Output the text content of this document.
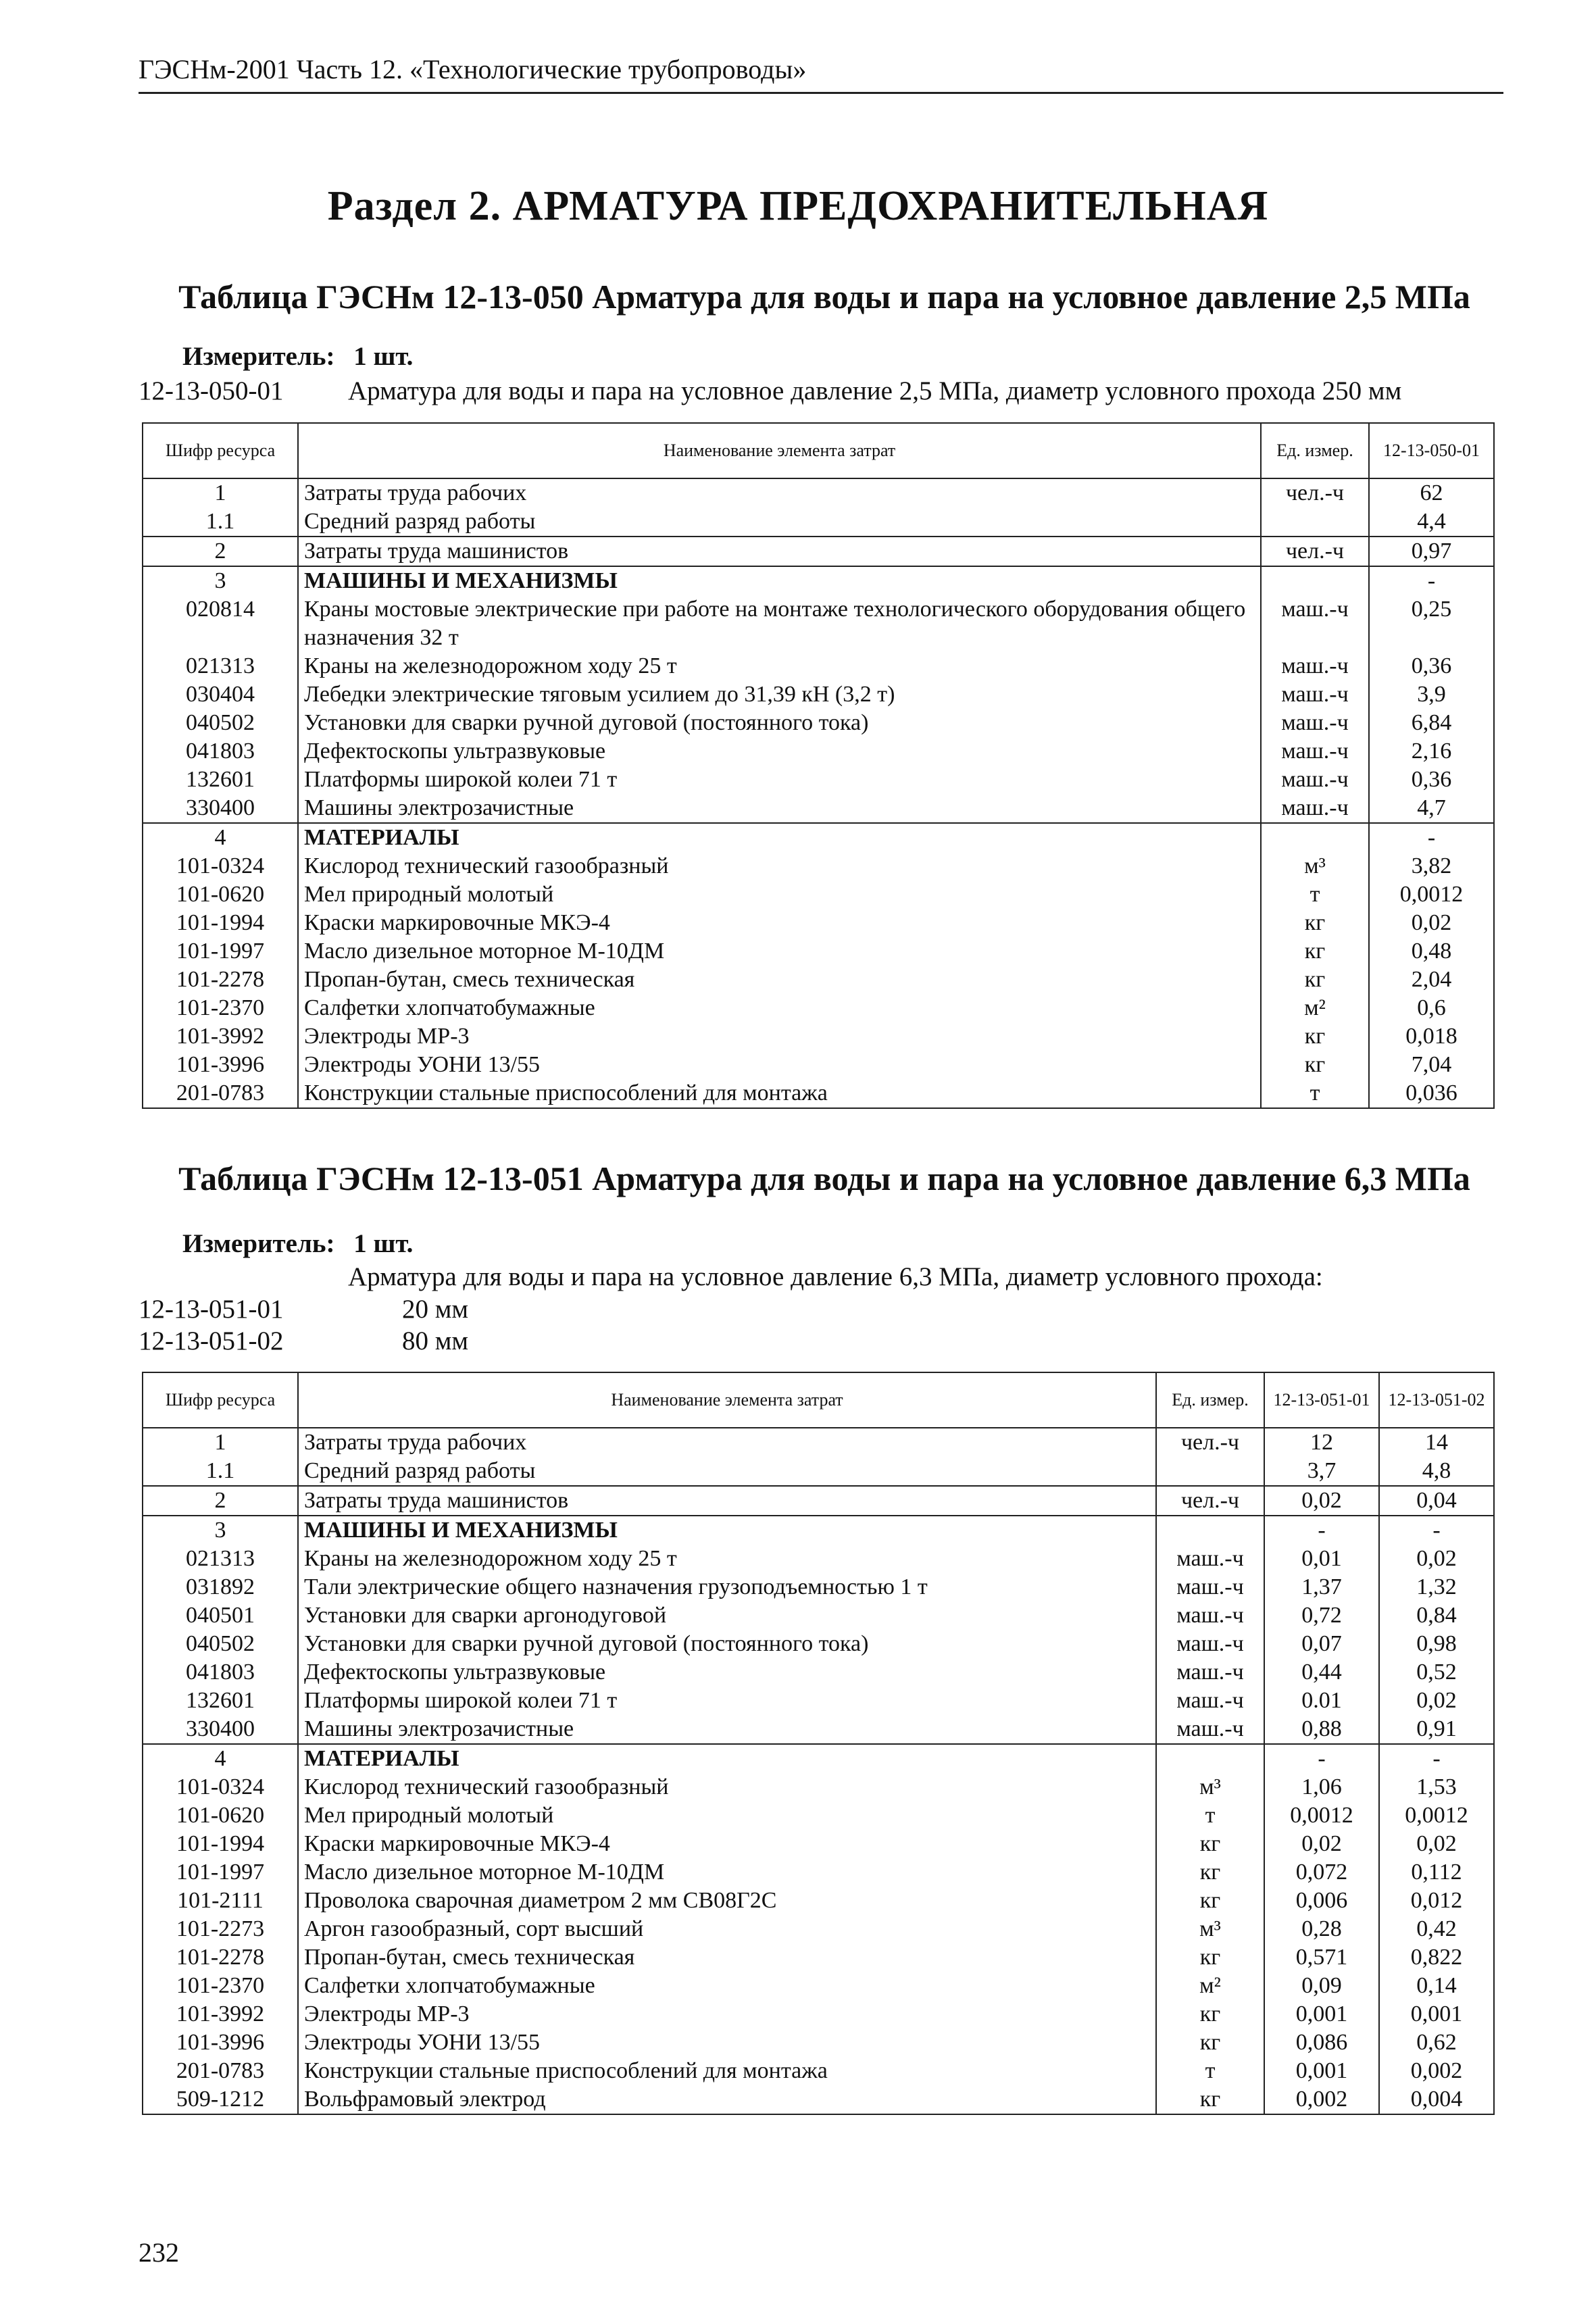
ГЭСНм-2001 Часть 12. «Технологические трубопроводы»
Раздел 2. АРМАТУРА ПРЕДОХРАНИТЕЛЬНАЯ
Таблица ГЭСНм 12-13-050 Арматура для воды и пара на условное давление 2,5 МПа
Измеритель: 1 шт.
12-13-050-01 Арматура для воды и пара на условное давление 2,5 МПа, диаметр условного прохода 250 мм
Шифр ресурса	Наименование элемента затрат	Ед. измер.	12-13-050-01
1	Затраты труда рабочих	чел.-ч	62
1.1	Средний разряд работы		4,4
2	Затраты труда машинистов	чел.-ч	0,97
3	МАШИНЫ И МЕХАНИЗМЫ		-
020814	Краны мостовые электрические при работе на монтаже технологического оборудования общего назначения 32 т	маш.-ч	0,25
021313	Краны на железнодорожном ходу 25 т	маш.-ч	0,36
030404	Лебедки электрические тяговым усилием до 31,39 кН (3,2 т)	маш.-ч	3,9
040502	Установки для сварки ручной дуговой (постоянного тока)	маш.-ч	6,84
041803	Дефектоскопы ультразвуковые	маш.-ч	2,16
132601	Платформы широкой колеи 71 т	маш.-ч	0,36
330400	Машины электрозачистные	маш.-ч	4,7
4	МАТЕРИАЛЫ		-
101-0324	Кислород технический газообразный	м³	3,82
101-0620	Мел природный молотый	т	0,0012
101-1994	Краски маркировочные МКЭ-4	кг	0,02
101-1997	Масло дизельное моторное М-10ДМ	кг	0,48
101-2278	Пропан-бутан, смесь техническая	кг	2,04
101-2370	Салфетки хлопчатобумажные	м²	0,6
101-3992	Электроды МР-3	кг	0,018
101-3996	Электроды УОНИ 13/55	кг	7,04
201-0783	Конструкции стальные приспособлений для монтажа	т	0,036
Таблица ГЭСНм 12-13-051 Арматура для воды и пара на условное давление 6,3 МПа
Измеритель: 1 шт.
Арматура для воды и пара на условное давление 6,3 МПа, диаметр условного прохода:
12-13-051-01	20 мм
12-13-051-02	80 мм
Шифр ресурса	Наименование элемента затрат	Ед. измер.	12-13-051-01	12-13-051-02
1	Затраты труда рабочих	чел.-ч	12	14
1.1	Средний разряд работы		3,7	4,8
2	Затраты труда машинистов	чел.-ч	0,02	0,04
3	МАШИНЫ И МЕХАНИЗМЫ		-	-
021313	Краны на железнодорожном ходу 25 т	маш.-ч	0,01	0,02
031892	Тали электрические общего назначения грузоподъемностью 1 т	маш.-ч	1,37	1,32
040501	Установки для сварки аргонодуговой	маш.-ч	0,72	0,84
040502	Установки для сварки ручной дуговой (постоянного тока)	маш.-ч	0,07	0,98
041803	Дефектоскопы ультразвуковые	маш.-ч	0,44	0,52
132601	Платформы широкой колеи 71 т	маш.-ч	0.01	0,02
330400	Машины электрозачистные	маш.-ч	0,88	0,91
4	МАТЕРИАЛЫ		-	-
101-0324	Кислород технический газообразный	м³	1,06	1,53
101-0620	Мел природный молотый	т	0,0012	0,0012
101-1994	Краски маркировочные МКЭ-4	кг	0,02	0,02
101-1997	Масло дизельное моторное М-10ДМ	кг	0,072	0,112
101-2111	Проволока сварочная диаметром 2 мм СВ08Г2С	кг	0,006	0,012
101-2273	Аргон газообразный, сорт высший	м³	0,28	0,42
101-2278	Пропан-бутан, смесь техническая	кг	0,571	0,822
101-2370	Салфетки хлопчатобумажные	м²	0,09	0,14
101-3992	Электроды МР-3	кг	0,001	0,001
101-3996	Электроды УОНИ 13/55	кг	0,086	0,62
201-0783	Конструкции стальные приспособлений для монтажа	т	0,001	0,002
509-1212	Вольфрамовый электрод	кг	0,002	0,004
232
